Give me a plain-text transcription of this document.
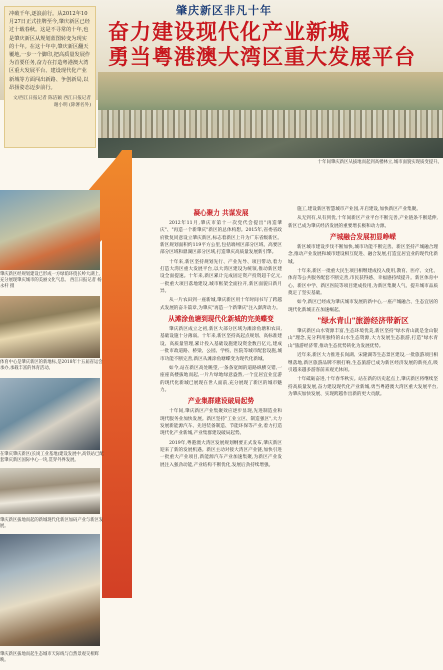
冲破千年,逐浪前行。从2012年10月27日正式挂牌至今,肇庆新区已经过十载春秋。这是不寻常的十年,也是肇庆新区从规划蓝图转变为现实的十年。在这十年中,肇庆新区翻天覆地,一步一个脚印,把高质量发展作为首要任务,奋力在打造粤港澳大湾区重大发展平台、建设现代化产业新城等方面闯出新路、争创新局,以昂扬姿态迈步前行。
文/西江日报记者 陈洁颖 西江日报记者 谢小明 (除署名外)
肇庆新区非凡十年
奋力建设现代化产业新城
勇当粤港澳大湾区重大发展平台
十年间肇庆新区从拔地而起到高楼林立,城市面貌实现质变提升。
肇庆新区经规划建设已形成一方绿荫环绕长岭大湖上,充分展现肇庆城市的美丽文化气息。 西江日报记者 杨永杆 摄
体育中心是肇庆新区的新地标,是2018年十五届省运会承办,承载丰富的体育活动。
在肇庆肇庆新区(长岗工业基地)建设发展中,高铁站已配套肇庆新区国际中心一块,贯穿外界发展。
肇庆新区拔地而起的新城现代化新区加码产业与新区发展。
肇庆新区拔地而起生态城市天际线与自然景观交相辉映。
凝心聚力 共谋发展

2012年11月,肇庆市第十一次党代会提出"再造肇庆"、"再造一个新肇庆"新区的总体构想。2015年,省委省政府批复同意设立肇庆新区,标志着新区上升为广东省级新区。新区规划面积约119平方公里,包括端州区部分区域、高要区部分区域和鼎湖区部分区域,打造肇庆高质量发展新引擎。

十年来,新区坚持规划先行、产业先导、项目带动,着力打造大湾区重大发展平台,以大湾区建设为统领,推动新区建设全面提速。十年来,新区累计完成固定资产投资超千亿元,一批重大项目落地建设,城市框架全面拉开,新区面貌日新月异。

从一片农田到一座新城,肇庆新区用十年时间书写了跨越式发展的奋斗篇章,为肇庆"再造一个新肇庆"注入澎湃动力。

从滩涂鱼塘到现代化新城的完美蝶变

肇庆新区成立之初,新区大部分区域为滩涂鱼塘和农田,基础设施十分薄弱。十年来,新区坚持高起点规划、高标准建设、高质量管理,累计投入基础设施建设资金数百亿元,建成一批市政道路、桥梁、公园、学校、医院等城市配套设施,城市功能不断完善,新区从滩涂鱼塘蝶变为现代化新城。

如今,站在新区高处眺望,一条条宽阔的道路纵横交错,一座座高楼拔地而起,一片片绿地绿意盎然,一个宜居宜业宜游的现代化新城已展现在世人面前,充分展现了新区的城市魅力。

产业集群建设破局起势

十年间,肇庆新区产业集聚效应逐步显现,先进制造业和现代服务业加快发展。新区坚持"工业立区、制造强区",大力发展新能源汽车、先进装备制造、节能环保等产业,着力打造现代化产业新城,产业集群建设破局起势。

2019年,粤港澳大湾区发展规划纲要正式发布,肇庆新区迎来了新的发展机遇。新区主动对接大湾区产业链,加快引进一批重大产业项目,新能源汽车产业加速集聚,为新区产业发展注入强劲动能,产业结构不断优化,发展后劲持续增强。

施工,建设新区智慧城市产业园,开启建设,加快新区产业集聚。

从无到有,从有到优,十年间新区产业平台不断完善,产业链条不断延伸,新区已成为肇庆经济发展的重要增长极和动力源。

产城融合发展初显峥嵘

新区城市建设步伐不断加快,城市功能不断完善。新区坚持产城融合理念,推动产业发展和城市建设相互促进、融合发展,打造宜居宜业的现代化新城。

十年来,新区一批重大民生项目相继建成投入使用,教育、医疗、文化、体育等公共服务配套不断完善,市民获得感、幸福感持续提升。新区体育中心、新区中学、新区医院等项目建成投用,为新区集聚人气、提升城市品质奠定了坚实基础。

如今,新区已经成为肇庆城市发展的新中心,一座产城融合、生态宜居的现代化新城正在加速崛起。

"绿水青山"旅游经济带新区

肇庆新区山水资源丰富,生态环境优美,新区坚持"绿水青山就是金山银山"理念,充分利用独特的山水生态资源,大力发展生态旅游,打造"绿水青山"旅游经济带,推动生态优势转化为发展优势。

近年来,新区大力推进长岗湖、宋隆湖等生态景区建设,一批旅游项目相继落地,新区旅游品牌不断打响,生态旅游已成为新区经济发展的新亮点,吸引越来越多游客前来观光休闲。

十年砥砺奋进,十年春华秋实。站在新的历史起点上,肇庆新区将继续坚持高质量发展,奋力建设现代化产业新城,勇当粤港澳大湾区重大发展平台,为肇庆加快发展、实现跨越作出新的更大贡献。
